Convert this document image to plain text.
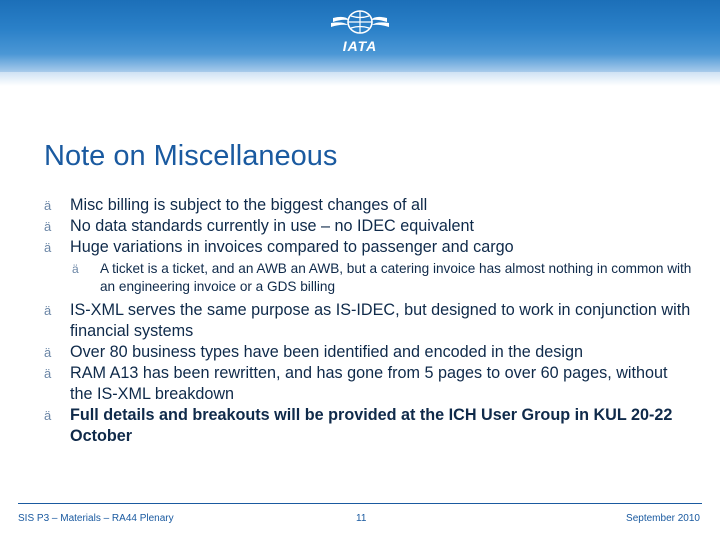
IATA
Note on Miscellaneous
ä	Misc billing is subject to the biggest changes of all
ä	No data standards currently in use – no IDEC equivalent
ä	Huge variations in invoices compared to passenger and cargo
ä	A ticket is a ticket, and an AWB an AWB, but a catering invoice has almost nothing in common with an engineering invoice or a GDS billing
ä	IS-XML serves the same purpose as IS-IDEC, but designed to work in conjunction with financial systems
ä	Over 80 business types have been identified and encoded in the design
ä	RAM A13 has been rewritten, and has gone from 5 pages to over 60 pages, without the IS-XML breakdown
ä	Full details and breakouts will be provided at the ICH User Group in KUL 20-22 October
SIS P3 – Materials – RA44 Plenary	11	September 2010
